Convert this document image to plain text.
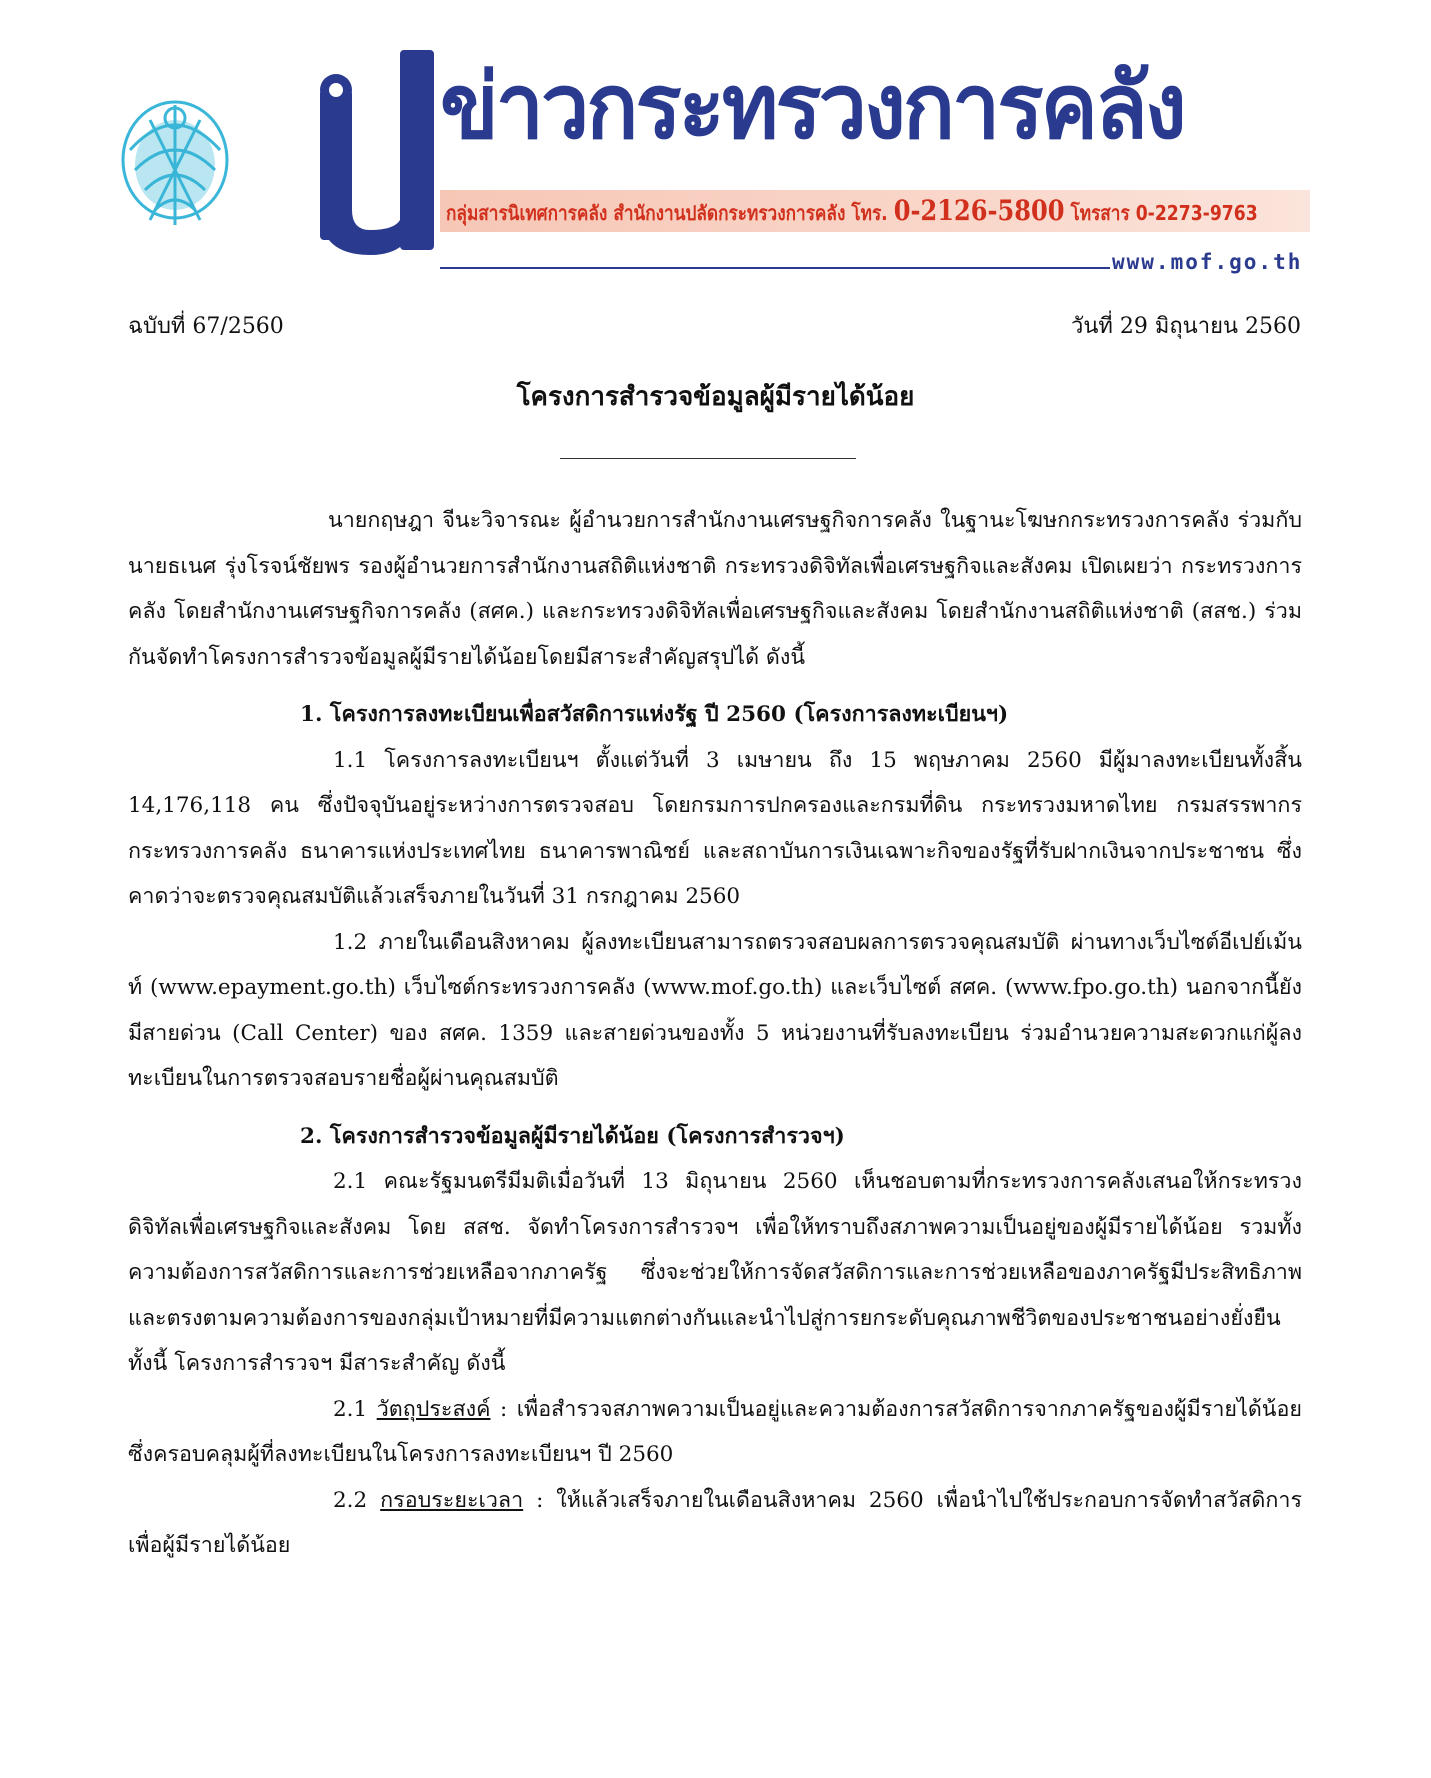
ข่าวกระทรวงการคลัง
กลุ่มสารนิเทศการคลัง สำนักงานปลัดกระทรวงการคลัง โทร. 0-2126-5800 โทรสาร 0-2273-9763
www.mof.go.th
ฉบับที่ 67/2560	วันที่ 29 มิถุนายน 2560
โครงการสำรวจข้อมูลผู้มีรายได้น้อย

นายกฤษฎา จีนะวิจารณะ ผู้อำนวยการสำนักงานเศรษฐกิจการคลัง ในฐานะโฆษกกระทรวงการคลัง ร่วมกับนายธเนศ รุ่งโรจน์ชัยพร รองผู้อำนวยการสำนักงานสถิติแห่งชาติ กระทรวงดิจิทัลเพื่อเศรษฐกิจและสังคม เปิดเผยว่า กระทรวงการคลัง โดยสำนักงานเศรษฐกิจการคลัง (สศค.) และกระทรวงดิจิทัลเพื่อเศรษฐกิจและสังคม โดยสำนักงานสถิติแห่งชาติ (สสช.) ร่วมกันจัดทำโครงการสำรวจข้อมูลผู้มีรายได้น้อยโดยมีสาระสำคัญสรุปได้ ดังนี้

1. โครงการลงทะเบียนเพื่อสวัสดิการแห่งรัฐ ปี 2560 (โครงการลงทะเบียนฯ)

1.1 โครงการลงทะเบียนฯ ตั้งแต่วันที่ 3 เมษายน ถึง 15 พฤษภาคม 2560 มีผู้มาลงทะเบียนทั้งสิ้น 14,176,118 คน ซึ่งปัจจุบันอยู่ระหว่างการตรวจสอบ โดยกรมการปกครองและกรมที่ดิน กระทรวงมหาดไทย กรมสรรพากร กระทรวงการคลัง ธนาคารแห่งประเทศไทย ธนาคารพาณิชย์ และสถาบันการเงินเฉพาะกิจของรัฐที่รับฝากเงินจากประชาชน ซึ่งคาดว่าจะตรวจคุณสมบัติแล้วเสร็จภายในวันที่ 31 กรกฎาคม 2560

1.2 ภายในเดือนสิงหาคม ผู้ลงทะเบียนสามารถตรวจสอบผลการตรวจคุณสมบัติ ผ่านทางเว็บไซต์อีเปย์เม้นท์ (www.epayment.go.th) เว็บไซต์กระทรวงการคลัง (www.mof.go.th) และเว็บไซต์ สศค. (www.fpo.go.th) นอกจากนี้ยังมีสายด่วน (Call Center) ของ สศค. 1359 และสายด่วนของทั้ง 5 หน่วยงานที่รับลงทะเบียน ร่วมอำนวยความสะดวกแก่ผู้ลงทะเบียนในการตรวจสอบรายชื่อผู้ผ่านคุณสมบัติ

2. โครงการสำรวจข้อมูลผู้มีรายได้น้อย (โครงการสำรวจฯ)

2.1 คณะรัฐมนตรีมีมติเมื่อวันที่ 13 มิถุนายน 2560 เห็นชอบตามที่กระทรวงการคลังเสนอให้กระทรวงดิจิทัลเพื่อเศรษฐกิจและสังคม โดย สสช. จัดทำโครงการสำรวจฯ เพื่อให้ทราบถึงสภาพความเป็นอยู่ของผู้มีรายได้น้อย รวมทั้งความต้องการสวัสดิการและการช่วยเหลือจากภาครัฐ ซึ่งจะช่วยให้การจัดสวัสดิการและการช่วยเหลือของภาครัฐมีประสิทธิภาพและตรงตามความต้องการของกลุ่มเป้าหมายที่มีความแตกต่างกันและนำไปสู่การยกระดับคุณภาพชีวิตของประชาชนอย่างยั่งยืน ทั้งนี้ โครงการสำรวจฯ มีสาระสำคัญ ดังนี้

2.1 วัตถุประสงค์ : เพื่อสำรวจสภาพความเป็นอยู่และความต้องการสวัสดิการจากภาครัฐของผู้มีรายได้น้อยซึ่งครอบคลุมผู้ที่ลงทะเบียนในโครงการลงทะเบียนฯ ปี 2560

2.2 กรอบระยะเวลา : ให้แล้วเสร็จภายในเดือนสิงหาคม 2560 เพื่อนำไปใช้ประกอบการจัดทำสวัสดิการเพื่อผู้มีรายได้น้อย
